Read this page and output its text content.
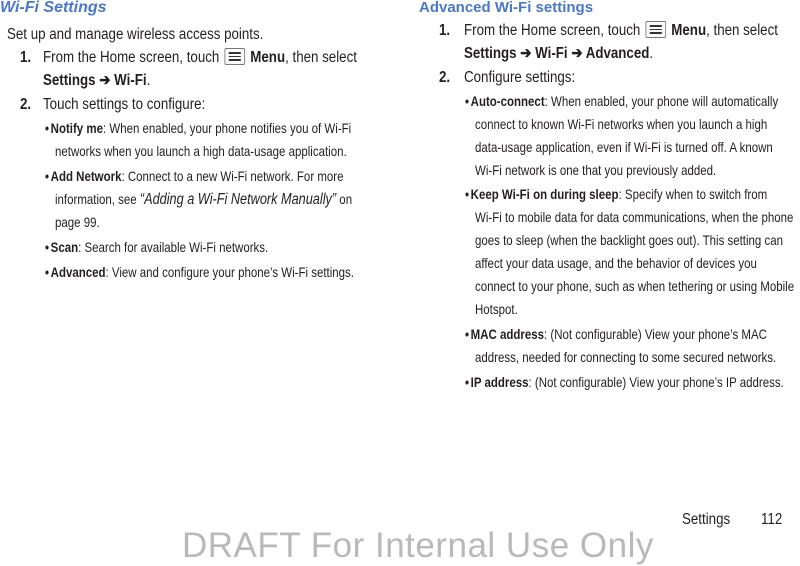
Wi-Fi Settings
Set up and manage wireless access points.
1. From the Home screen, touch Menu, then select
Settings ➔ Wi-Fi.
2. Touch settings to configure:
• Notify me: When enabled, your phone notifies you of Wi-Fi
networks when you launch a high data-usage application.
• Add Network: Connect to a new Wi-Fi network. For more
information, see “Adding a Wi-Fi Network Manually” on
page 99.
• Scan: Search for available Wi-Fi networks.
• Advanced: View and configure your phone’s Wi-Fi settings.
Advanced Wi-Fi settings
1. From the Home screen, touch Menu, then select
Settings ➔ Wi-Fi ➔ Advanced.
2. Configure settings:
• Auto-connect: When enabled, your phone will automatically
connect to known Wi-Fi networks when you launch a high
data-usage application, even if Wi-Fi is turned off. A known
Wi-Fi network is one that you previously added.
• Keep Wi-Fi on during sleep: Specify when to switch from
Wi-Fi to mobile data for data communications, when the phone
goes to sleep (when the backlight goes out). This setting can
affect your data usage, and the behavior of devices you
connect to your phone, such as when tethering or using Mobile
Hotspot.
• MAC address: (Not configurable) View your phone’s MAC
address, needed for connecting to some secured networks.
• IP address: (Not configurable) View your phone’s IP address.
Settings 112
DRAFT For Internal Use Only
